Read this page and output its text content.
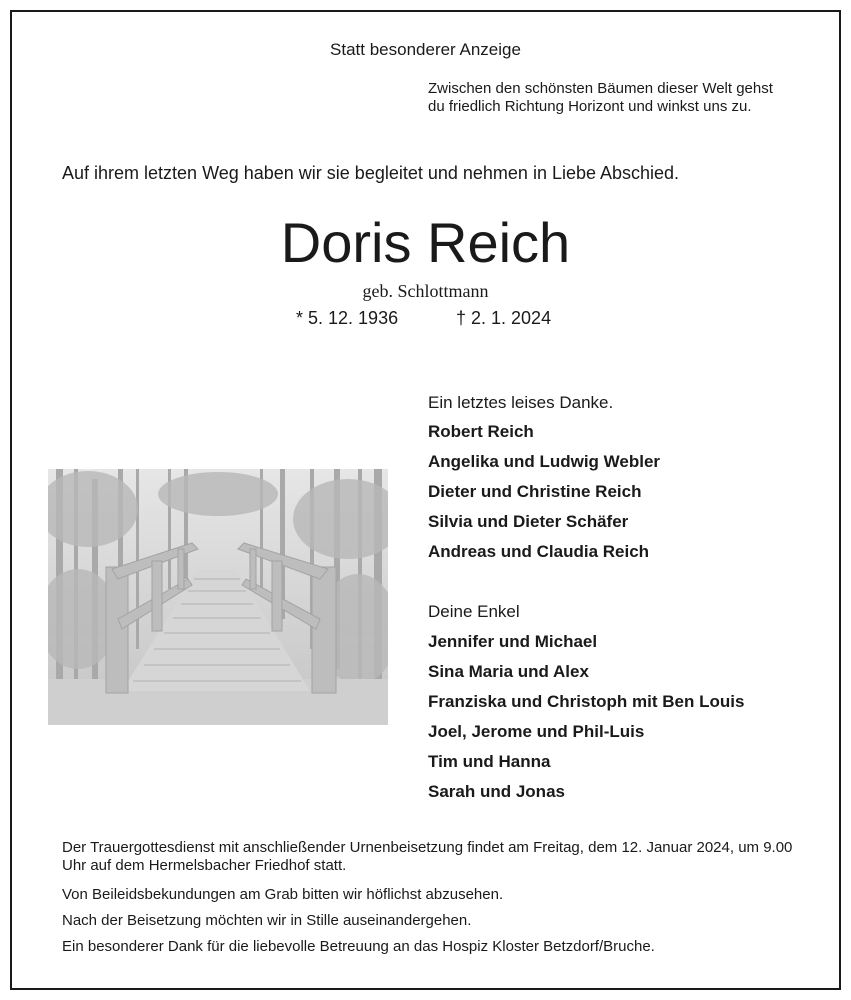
Statt besonderer Anzeige

Zwischen den schönsten Bäumen dieser Welt gehst du friedlich Richtung Horizont und winkst uns zu.

Auf ihrem letzten Weg haben wir sie begleitet und nehmen in Liebe Abschied.

Doris Reich

geb. Schlottmann

* 5. 12. 1936	† 2. 1. 2024

Ein letztes leises Danke.

Robert Reich

Angelika und Ludwig Webler

Dieter und Christine Reich

Silvia und Dieter Schäfer

Andreas und Claudia Reich

Deine Enkel

Jennifer und Michael

Sina Maria und Alex

Franziska und Christoph mit Ben Louis

Joel, Jerome und Phil-Luis

Tim und Hanna

Sarah und Jonas

Der Trauergottesdienst mit anschließender Urnenbeisetzung findet am Freitag, dem 12. Januar 2024, um 9.00 Uhr auf dem Hermelsbacher Friedhof statt.

Von Beileidsbekundungen am Grab bitten wir höflichst abzusehen.

Nach der Beisetzung möchten wir in Stille auseinandergehen.

Ein besonderer Dank für die liebevolle Betreuung an das Hospiz Kloster Betzdorf/Bruche.
